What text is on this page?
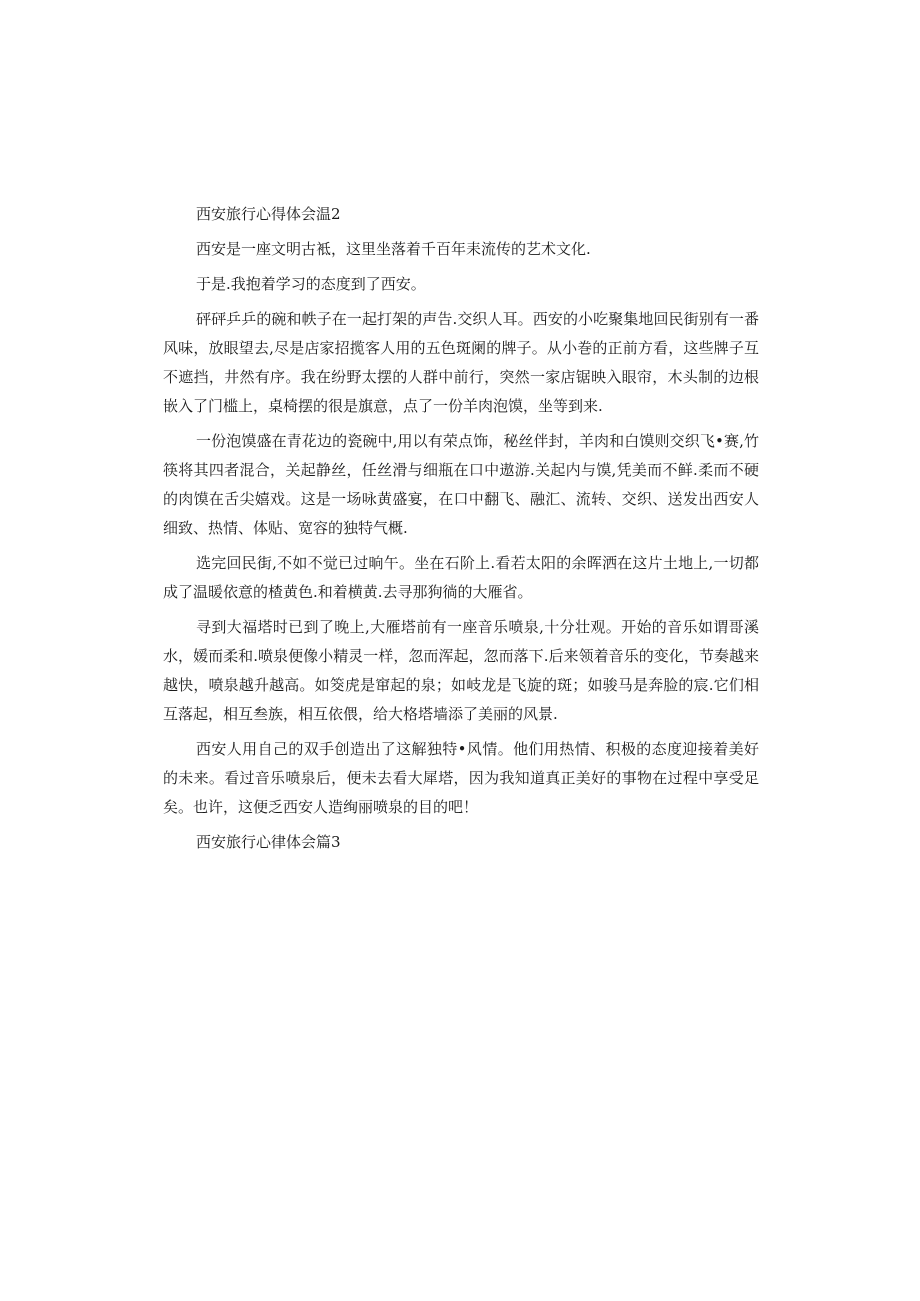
西安旅行心得体会温2

西安是一座文明古袛，这里坐落着千百年耒流传的艺术文化.

于是.我抱着学习的态度到了西安。

砰砰乒乒的碗和帙子在一起打架的声告.交织人耳。西安的小吃聚集地回民街别有一番风味，放眼望去,尽是店家招揽客人用的五色斑阑的牌子。从小巻的正前方看，这些牌子互不遮挡，井然有序。我在纷野太摆的人群中前行，突然一家店锯映入眼帘，木头制的边根嵌入了门槛上，桌椅摆的很是旗意，点了一份羊肉泡馍，坐等到来.

一份泡馍盛在青花边的瓷碗中,用以有荣点饰，秘丝伴封，羊肉和白馍则交织飞•赛,竹筷将其四者混合，关起静丝，任丝滑与细瓶在口中遨游.关起内与馍,凭美而不鲜.柔而不硬的肉馍在舌尖嬉戏。这是一场咏黄盛宴，在口中翻飞、融汇、流转、交织、送发出西安人细致、热情、体贴、宽容的独特气概.

选完回民街,不如不觉已过晌午。坐在石阶上.看若太阳的余晖洒在这片土地上,一切都成了温暖依意的楂黄色.和着横黄.去寻那狗徜的大雁省。

寻到大福塔时已到了晚上,大雁塔前有一座音乐喷泉,十分壮观。开始的音乐如谓哥溪水，媛而柔和.喷泉便像小精灵一样，忽而浑起，忽而落下.后来领着音乐的变化，节奏越来越快，喷泉越升越高。如筊虎是窜起的泉；如岐龙是飞旋的斑；如骏马是奔脸的宸.它们相互落起，相互叁族，相互依偎，给大格塔墙添了美丽的风景.

西安人用自己的双手创造出了这解独特•风情。他们用热情、积极的态度迎接着美好的未来。看过音乐喷泉后，便未去看大犀塔，因为我知道真正美好的事物在过程中享受足矣。也许，这便乏西安人造绚丽喷泉的目的吧！

西安旅行心律体会篇3
